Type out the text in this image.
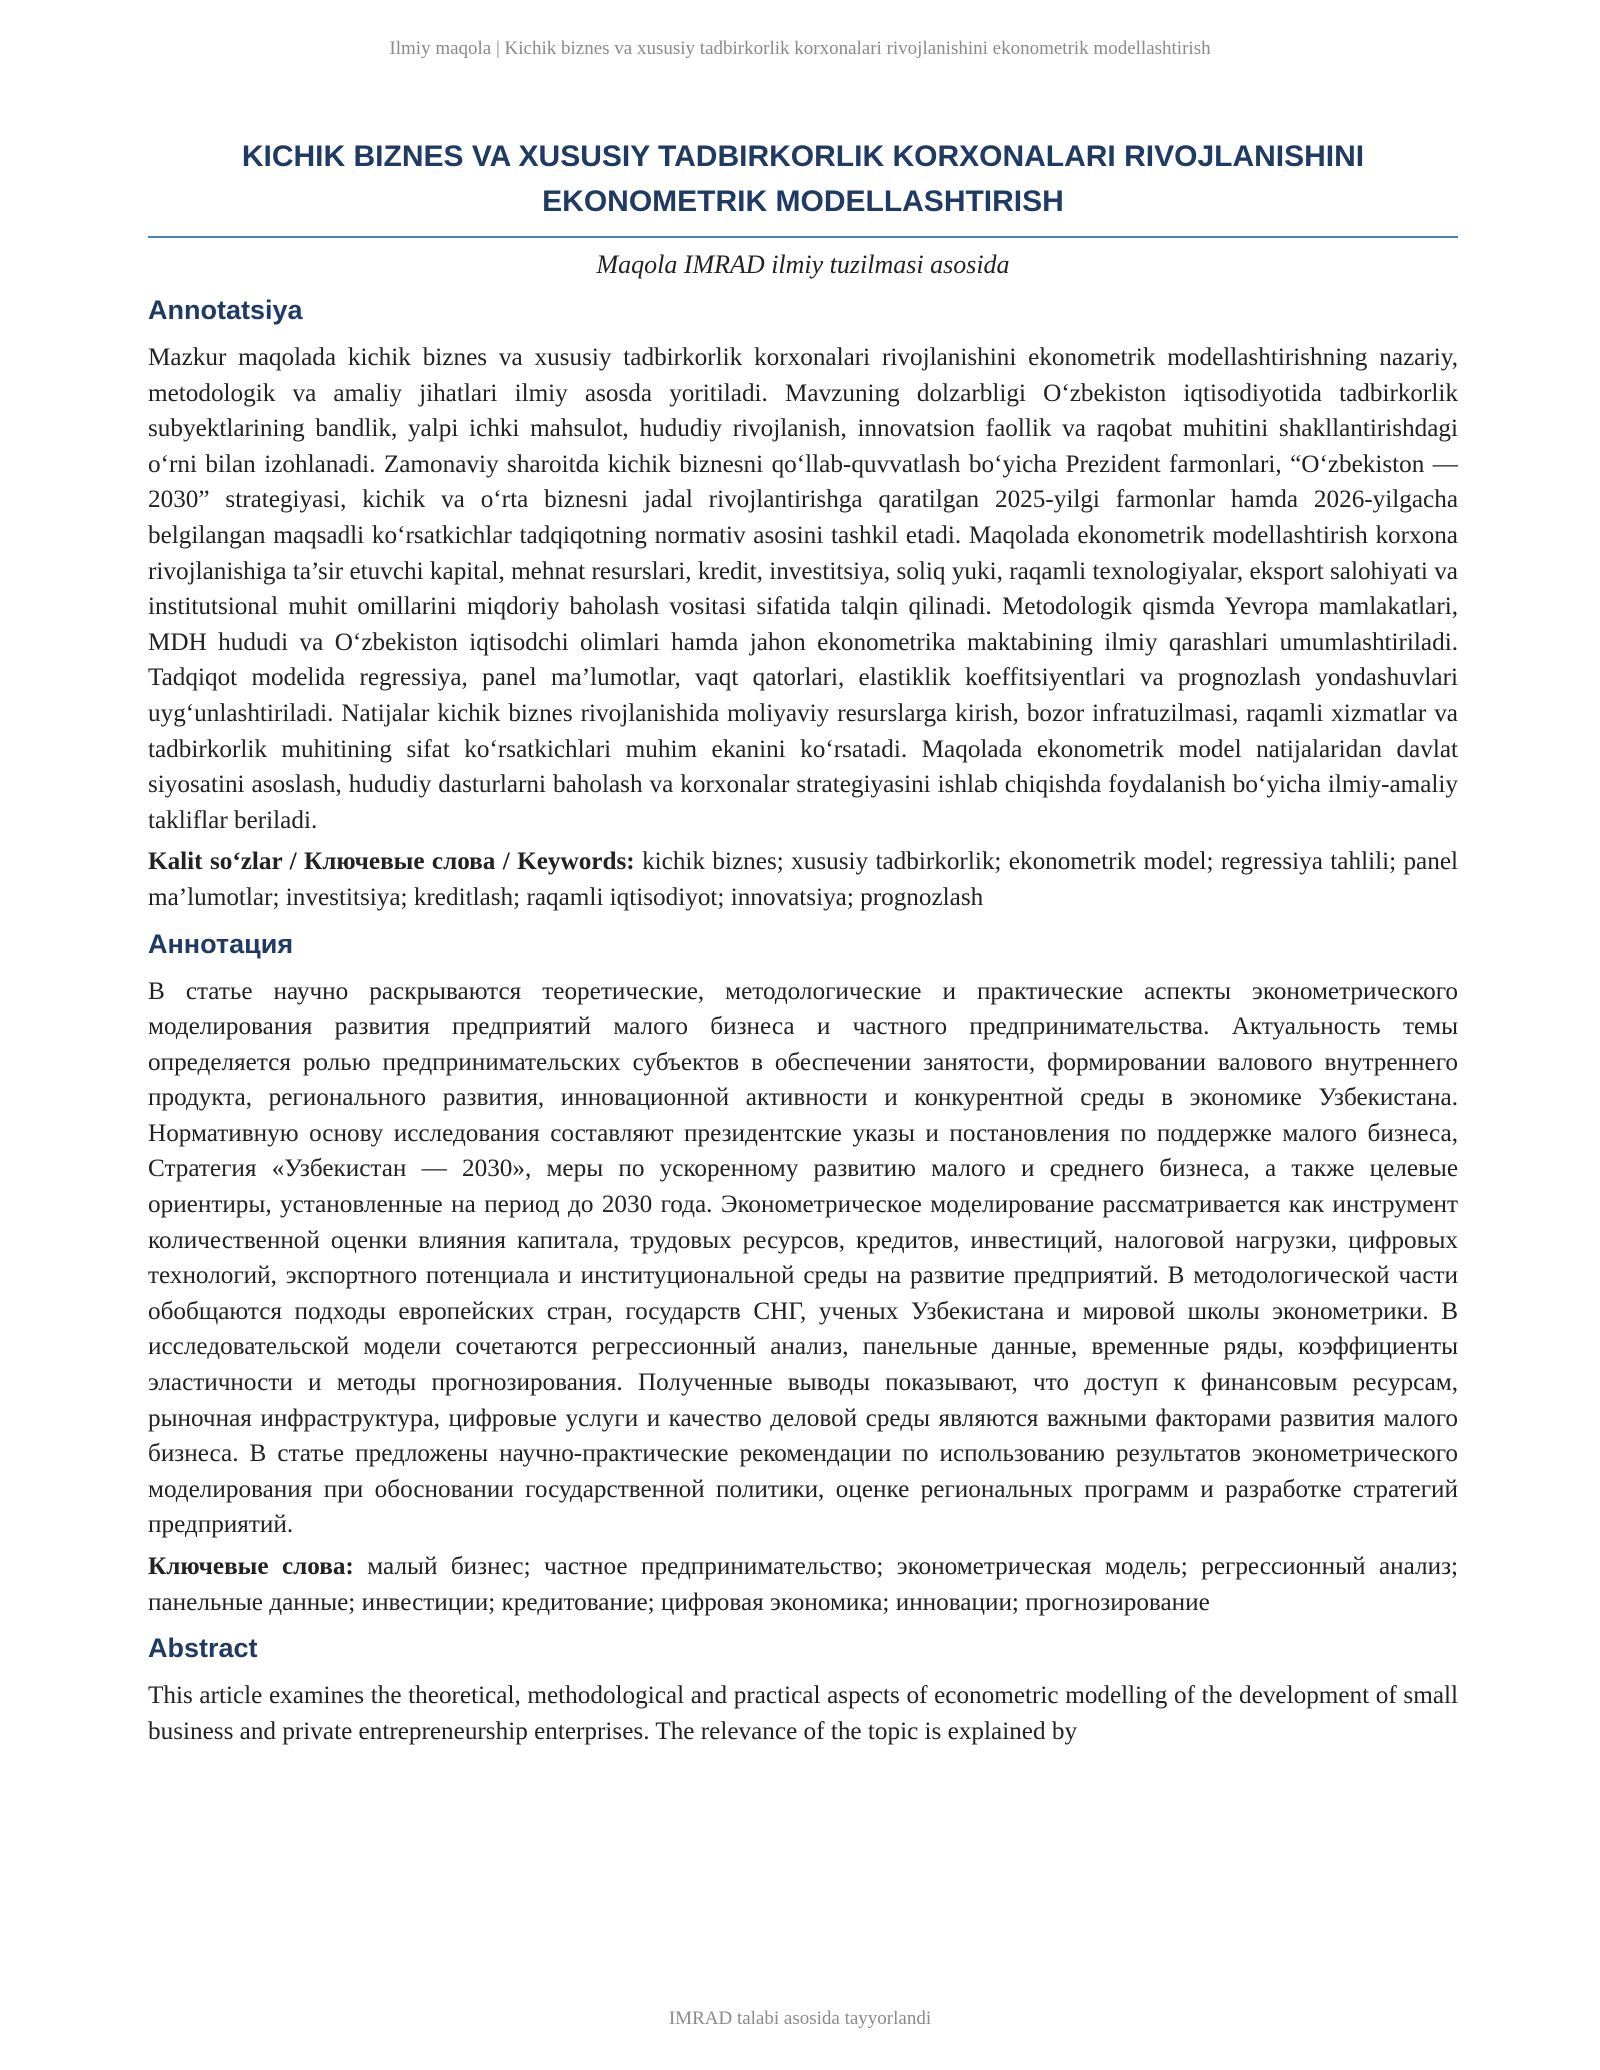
Ilmiy maqola | Kichik biznes va xususiy tadbirkorlik korxonalari rivojlanishini ekonometrik modellashtirish
KICHIK BIZNES VA XUSUSIY TADBIRKORLIK KORXONALARI RIVOJLANISHINI
EKONOMETRIK MODELLASHTIRISH
Maqola IMRAD ilmiy tuzilmasi asosida
Annotatsiya

Mazkur maqolada kichik biznes va xususiy tadbirkorlik korxonalari rivojlanishini ekonometrik modellashtirishning nazariy, metodologik va amaliy jihatlari ilmiy asosda yoritiladi. Mavzuning dolzarbligi O‘zbekiston iqtisodiyotida tadbirkorlik subyektlarining bandlik, yalpi ichki mahsulot, hududiy rivojlanish, innovatsion faollik va raqobat muhitini shakllantirishdagi o‘rni bilan izohlanadi. Zamonaviy sharoitda kichik biznesni qo‘llab-quvvatlash bo‘yicha Prezident farmonlari, “O‘zbekiston — 2030” strategiyasi, kichik va o‘rta biznesni jadal rivojlantirishga qaratilgan 2025-yilgi farmonlar hamda 2026-yilgacha belgilangan maqsadli ko‘rsatkichlar tadqiqotning normativ asosini tashkil etadi. Maqolada ekonometrik modellashtirish korxona rivojlanishiga ta’sir etuvchi kapital, mehnat resurslari, kredit, investitsiya, soliq yuki, raqamli texnologiyalar, eksport salohiyati va institutsional muhit omillarini miqdoriy baholash vositasi sifatida talqin qilinadi. Metodologik qismda Yevropa mamlakatlari, MDH hududi va O‘zbekiston iqtisodchi olimlari hamda jahon ekonometrika maktabining ilmiy qarashlari umumlashtiriladi. Tadqiqot modelida regressiya, panel ma’lumotlar, vaqt qatorlari, elastiklik koeffitsiyentlari va prognozlash yondashuvlari uyg‘unlashtiriladi. Natijalar kichik biznes rivojlanishida moliyaviy resurslarga kirish, bozor infratuzilmasi, raqamli xizmatlar va tadbirkorlik muhitining sifat ko‘rsatkichlari muhim ekanini ko‘rsatadi. Maqolada ekonometrik model natijalaridan davlat siyosatini asoslash, hududiy dasturlarni baholash va korxonalar strategiyasini ishlab chiqishda foydalanish bo‘yicha ilmiy-amaliy takliflar beriladi.

Kalit so‘zlar / Ключевые слова / Keywords: kichik biznes; xususiy tadbirkorlik; ekonometrik model; regressiya tahlili; panel ma’lumotlar; investitsiya; kreditlash; raqamli iqtisodiyot; innovatsiya; prognozlash

Аннотация

В статье научно раскрываются теоретические, методологические и практические аспекты эконометрического моделирования развития предприятий малого бизнеса и частного предпринимательства. Актуальность темы определяется ролью предпринимательских субъектов в обеспечении занятости, формировании валового внутреннего продукта, регионального развития, инновационной активности и конкурентной среды в экономике Узбекистана. Нормативную основу исследования составляют президентские указы и постановления по поддержке малого бизнеса, Стратегия «Узбекистан — 2030», меры по ускоренному развитию малого и среднего бизнеса, а также целевые ориентиры, установленные на период до 2030 года. Эконометрическое моделирование рассматривается как инструмент количественной оценки влияния капитала, трудовых ресурсов, кредитов, инвестиций, налоговой нагрузки, цифровых технологий, экспортного потенциала и институциональной среды на развитие предприятий. В методологической части обобщаются подходы европейских стран, государств СНГ, ученых Узбекистана и мировой школы эконометрики. В исследовательской модели сочетаются регрессионный анализ, панельные данные, временные ряды, коэффициенты эластичности и методы прогнозирования. Полученные выводы показывают, что доступ к финансовым ресурсам, рыночная инфраструктура, цифровые услуги и качество деловой среды являются важными факторами развития малого бизнеса. В статье предложены научно-практические рекомендации по использованию результатов эконометрического моделирования при обосновании государственной политики, оценке региональных программ и разработке стратегий предприятий.

Ключевые слова: малый бизнес; частное предпринимательство; эконометрическая модель; регрессионный анализ; панельные данные; инвестиции; кредитование; цифровая экономика; инновации; прогнозирование

Abstract

This article examines the theoretical, methodological and practical aspects of econometric modelling of the development of small business and private entrepreneurship enterprises. The relevance of the topic is explained by

IMRAD talabi asosida tayyorlandi
